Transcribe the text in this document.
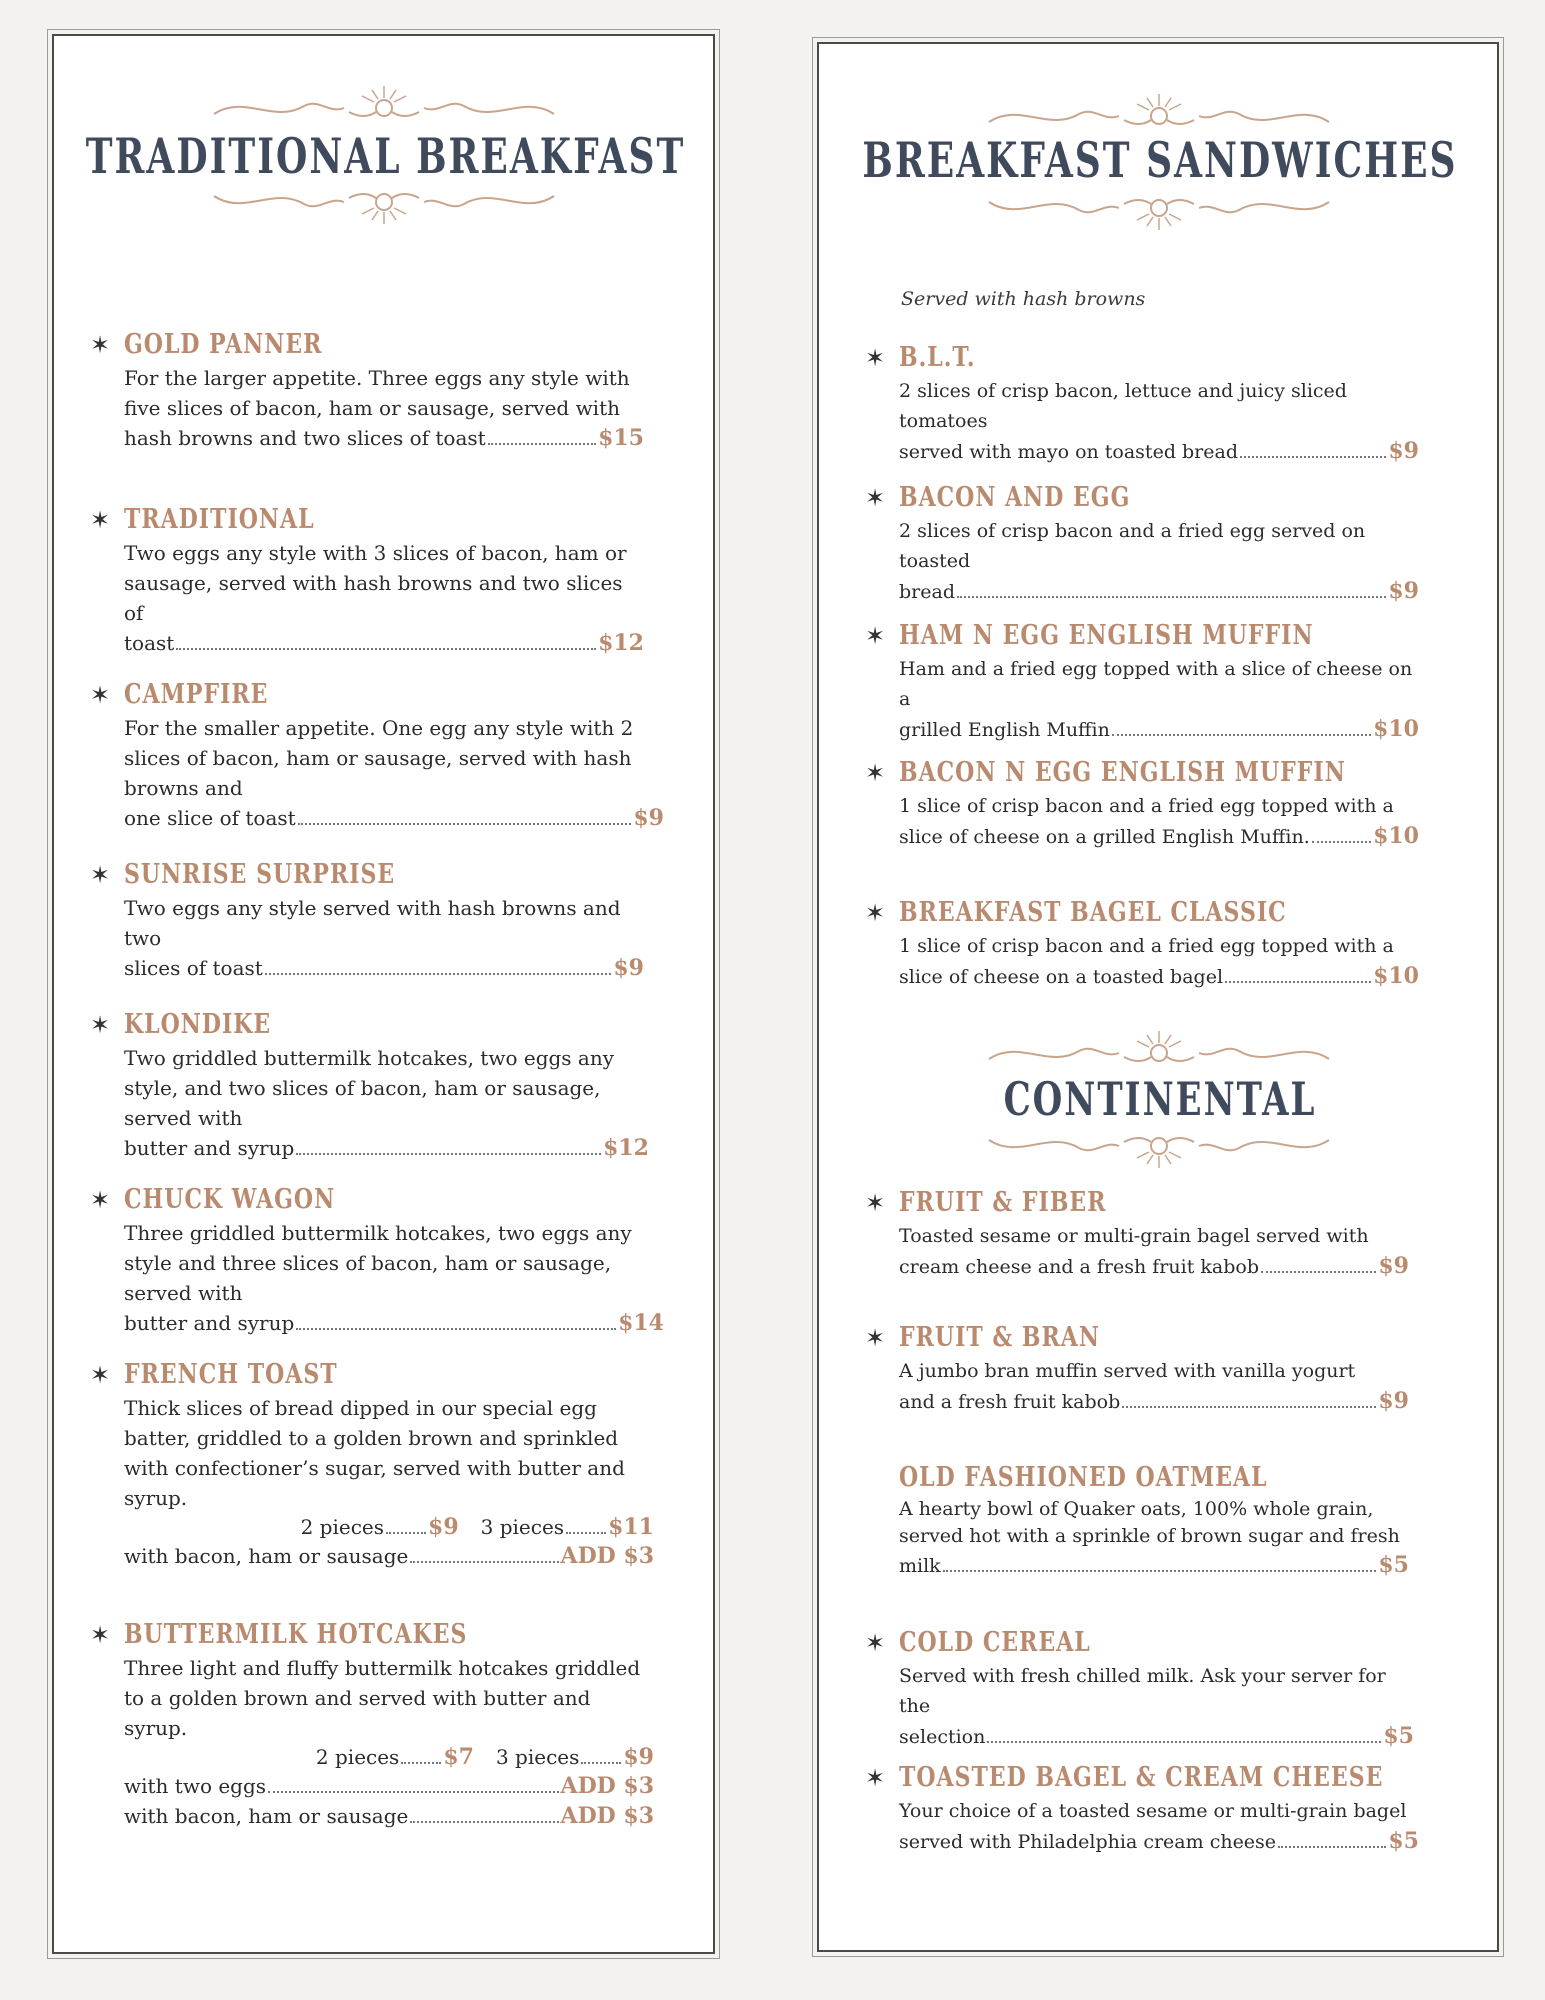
TRADITIONAL BREAKFAST
✶ GOLD PANNER
For the larger appetite. Three eggs any style with five slices of bacon, ham or sausage, served with
hash browns and two slices of toast	$15
✶ TRADITIONAL
Two eggs any style with 3 slices of bacon, ham or sausage, served with hash browns and two slices of
toast	$12
✶ CAMPFIRE
For the smaller appetite. One egg any style with 2 slices of bacon, ham or sausage, served with hash browns and
one slice of toast	$9
✶ SUNRISE SURPRISE
Two eggs any style served with hash browns and two
slices of toast	$9
✶ KLONDIKE
Two griddled buttermilk hotcakes, two eggs any style, and two slices of bacon, ham or sausage, served with
butter and syrup	$12
✶ CHUCK WAGON
Three griddled buttermilk hotcakes, two eggs any style and three slices of bacon, ham or sausage, served with
butter and syrup	$14
✶ FRENCH TOAST
Thick slices of bread dipped in our special egg batter, griddled to a golden brown and sprinkled with confectioner’s sugar, served with butter and syrup.
2 pieces $9 3 pieces $11
with bacon, ham or sausage	ADD $3
✶ BUTTERMILK HOTCAKES
Three light and fluffy buttermilk hotcakes griddled to a golden brown and served with butter and syrup.
2 pieces $7 3 pieces $9
with two eggs	ADD $3
with bacon, ham or sausage	ADD $3
BREAKFAST SANDWICHES
Served with hash browns
✶ B.L.T.
2 slices of crisp bacon, lettuce and juicy sliced tomatoes
served with mayo on toasted bread	$9
✶ BACON AND EGG
2 slices of crisp bacon and a fried egg served on toasted
bread	$9
✶ HAM N EGG ENGLISH MUFFIN
Ham and a fried egg topped with a slice of cheese on a
grilled English Muffin	$10
✶ BACON N EGG ENGLISH MUFFIN
1 slice of crisp bacon and a fried egg topped with a
slice of cheese on a grilled English Muffin.	$10
✶ BREAKFAST BAGEL CLASSIC
1 slice of crisp bacon and a fried egg topped with a
slice of cheese on a toasted bagel	$10
CONTINENTAL
✶ FRUIT & FIBER
Toasted sesame or multi-grain bagel served with
cream cheese and a fresh fruit kabob	$9
✶ FRUIT & BRAN
A jumbo bran muffin served with vanilla yogurt
and a fresh fruit kabob	$9
OLD FASHIONED OATMEAL
A hearty bowl of Quaker oats, 100% whole grain, served hot with a sprinkle of brown sugar and fresh
milk	$5
✶ COLD CEREAL
Served with fresh chilled milk. Ask your server for the
selection	$5
✶ TOASTED BAGEL & CREAM CHEESE
Your choice of a toasted sesame or multi-grain bagel
served with Philadelphia cream cheese	$5
